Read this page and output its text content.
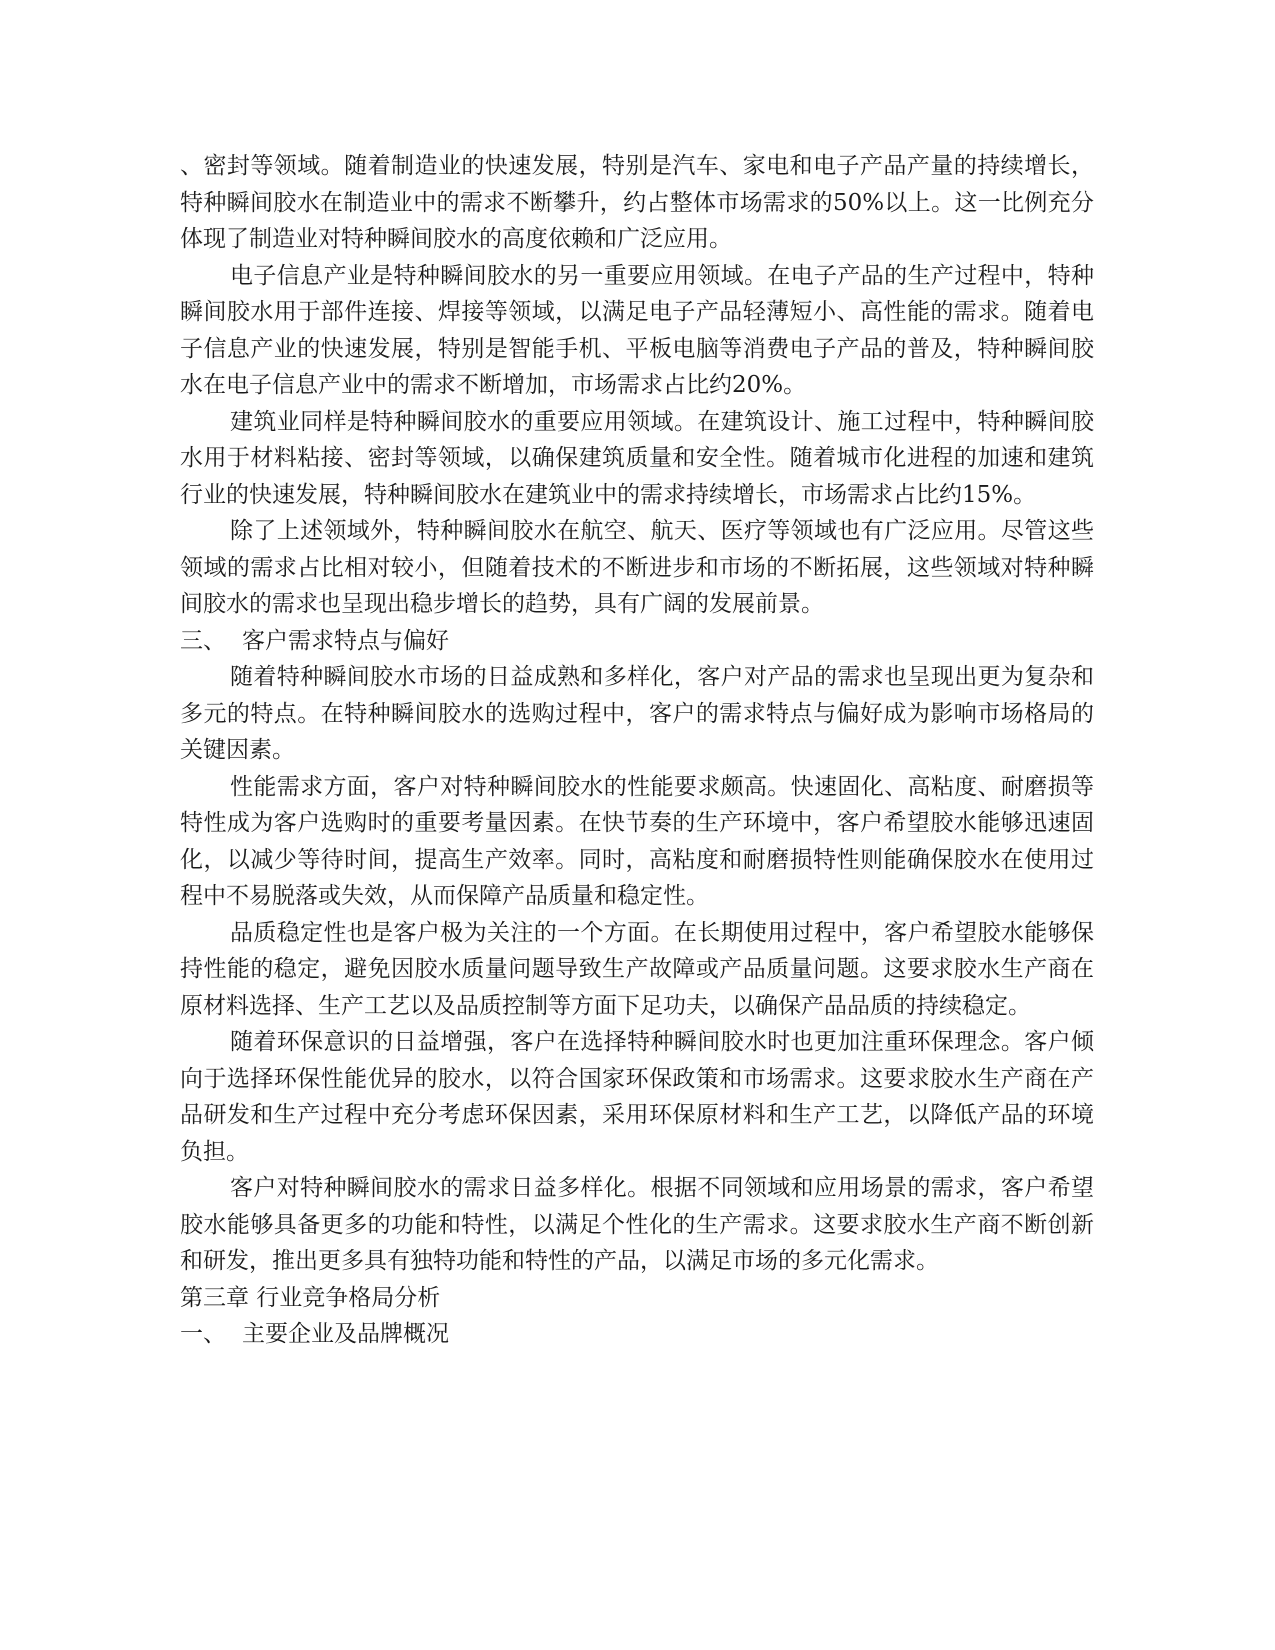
、密封等领域。随着制造业的快速发展，特别是汽车、家电和电子产品产量的持续增长，特种瞬间胶水在制造业中的需求不断攀升，约占整体市场需求的50%以上。这一比例充分体现了制造业对特种瞬间胶水的高度依赖和广泛应用。

电子信息产业是特种瞬间胶水的另一重要应用领域。在电子产品的生产过程中，特种瞬间胶水用于部件连接、焊接等领域，以满足电子产品轻薄短小、高性能的需求。随着电子信息产业的快速发展，特别是智能手机、平板电脑等消费电子产品的普及，特种瞬间胶水在电子信息产业中的需求不断增加，市场需求占比约20%。

建筑业同样是特种瞬间胶水的重要应用领域。在建筑设计、施工过程中，特种瞬间胶水用于材料粘接、密封等领域，以确保建筑质量和安全性。随着城市化进程的加速和建筑行业的快速发展，特种瞬间胶水在建筑业中的需求持续增长，市场需求占比约15%。

除了上述领域外，特种瞬间胶水在航空、航天、医疗等领域也有广泛应用。尽管这些领域的需求占比相对较小，但随着技术的不断进步和市场的不断拓展，这些领域对特种瞬间胶水的需求也呈现出稳步增长的趋势，具有广阔的发展前景。

三、 客户需求特点与偏好

随着特种瞬间胶水市场的日益成熟和多样化，客户对产品的需求也呈现出更为复杂和多元的特点。在特种瞬间胶水的选购过程中，客户的需求特点与偏好成为影响市场格局的关键因素。

性能需求方面，客户对特种瞬间胶水的性能要求颇高。快速固化、高粘度、耐磨损等特性成为客户选购时的重要考量因素。在快节奏的生产环境中，客户希望胶水能够迅速固化，以减少等待时间，提高生产效率。同时，高粘度和耐磨损特性则能确保胶水在使用过程中不易脱落或失效，从而保障产品质量和稳定性。

品质稳定性也是客户极为关注的一个方面。在长期使用过程中，客户希望胶水能够保持性能的稳定，避免因胶水质量问题导致生产故障或产品质量问题。这要求胶水生产商在原材料选择、生产工艺以及品质控制等方面下足功夫，以确保产品品质的持续稳定。

随着环保意识的日益增强，客户在选择特种瞬间胶水时也更加注重环保理念。客户倾向于选择环保性能优异的胶水，以符合国家环保政策和市场需求。这要求胶水生产商在产品研发和生产过程中充分考虑环保因素，采用环保原材料和生产工艺，以降低产品的环境负担。

客户对特种瞬间胶水的需求日益多样化。根据不同领域和应用场景的需求，客户希望胶水能够具备更多的功能和特性，以满足个性化的生产需求。这要求胶水生产商不断创新和研发，推出更多具有独特功能和特性的产品，以满足市场的多元化需求。

第三章 行业竞争格局分析
一、 主要企业及品牌概况
